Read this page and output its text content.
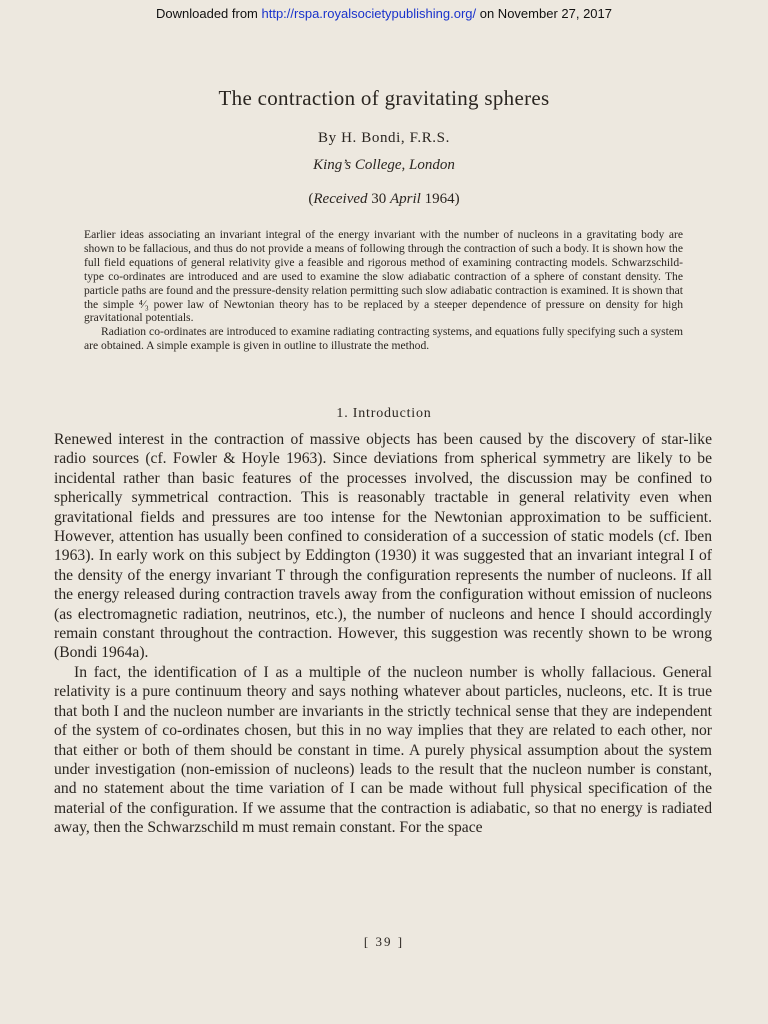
Downloaded from http://rspa.royalsocietypublishing.org/ on November 27, 2017
The contraction of gravitating spheres
By H. Bondi, F.R.S.
King’s College, London
(Received 30 April 1964)

Earlier ideas associating an invariant integral of the energy invariant with the number of nucleons in a gravitating body are shown to be fallacious, and thus do not provide a means of following through the contraction of such a body. It is shown how the full field equations of general relativity give a feasible and rigorous method of examining contracting models. Schwarzschild-type co-ordinates are introduced and are used to examine the slow adiabatic contraction of a sphere of constant density. The particle paths are found and the pressure-density relation permitting such slow adiabatic contraction is examined. It is shown that the simple ⁴⁄₃ power law of Newtonian theory has to be replaced by a steeper dependence of pressure on density for high gravitational potentials.

Radiation co-ordinates are introduced to examine radiating contracting systems, and equations fully specifying such a system are obtained. A simple example is given in outline to illustrate the method.

1. Introduction

Renewed interest in the contraction of massive objects has been caused by the discovery of star-like radio sources (cf. Fowler & Hoyle 1963). Since deviations from spherical symmetry are likely to be incidental rather than basic features of the processes involved, the discussion may be confined to spherically symmetrical contraction. This is reasonably tractable in general relativity even when gravitational fields and pressures are too intense for the Newtonian approximation to be sufficient. However, attention has usually been confined to consideration of a succession of static models (cf. Iben 1963). In early work on this subject by Eddington (1930) it was suggested that an invariant integral I of the density of the energy invariant T through the configuration represents the number of nucleons. If all the energy released during contraction travels away from the configuration without emission of nucleons (as electromagnetic radiation, neutrinos, etc.), the number of nucleons and hence I should accordingly remain constant throughout the contraction. However, this suggestion was recently shown to be wrong (Bondi 1964a).

In fact, the identification of I as a multiple of the nucleon number is wholly fallacious. General relativity is a pure continuum theory and says nothing whatever about particles, nucleons, etc. It is true that both I and the nucleon number are invariants in the strictly technical sense that they are independent of the system of co-ordinates chosen, but this in no way implies that they are related to each other, nor that either or both of them should be constant in time. A purely physical assumption about the system under investigation (non-emission of nucleons) leads to the result that the nucleon number is constant, and no statement about the time variation of I can be made without full physical specification of the material of the configuration. If we assume that the contraction is adiabatic, so that no energy is radiated away, then the Schwarzschild m must remain constant. For the space

[ 39 ]
